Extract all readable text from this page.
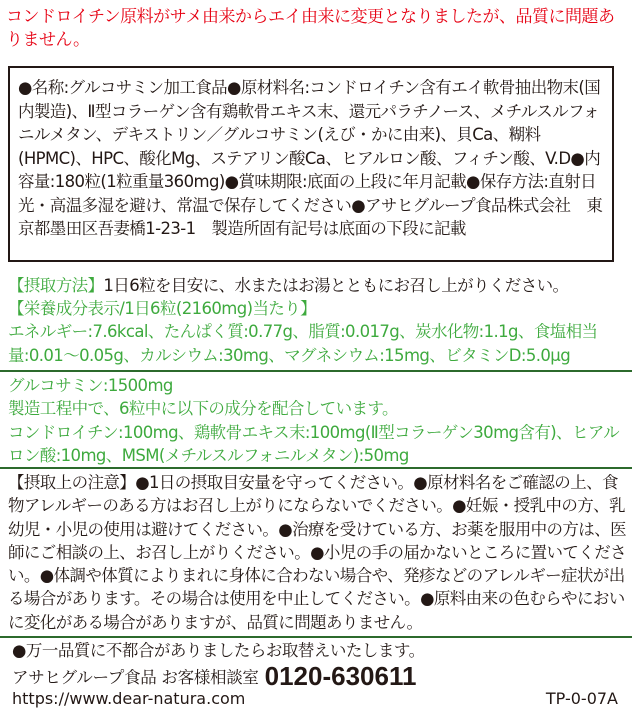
コンドロイチン原料がサメ由来からエイ由来に変更となりましたが、品質に問題ありません。

●名称:グルコサミン加工食品●原材料名:コンドロイチン含有エイ軟骨抽出物末(国内製造)、Ⅱ型コラーゲン含有鶏軟骨エキス末、還元パラチノース、メチルスルフォニルメタン、デキストリン／グルコサミン(えび・かに由来)、貝Ca、糊料(HPMC)、HPC、酸化Mg、ステアリン酸Ca、ヒアルロン酸、フィチン酸、V.D●内容量:180粒(1粒重量360mg)●賞味期限:底面の上段に年月記載●保存方法:直射日光・高温多湿を避け、常温で保存してください●アサヒグループ食品株式会社　東京都墨田区吾妻橋1-23-1　製造所固有記号は底面の下段に記載

【摂取方法】1日6粒を目安に、水またはお湯とともにお召し上がりください。

【栄養成分表示/1日6粒(2160mg)当たり】

エネルギー:7.6kcal、たんぱく質:0.77g、脂質:0.017g、炭水化物:1.1g、食塩相当量:0.01～0.05g、カルシウム:30mg、マグネシウム:15mg、ビタミンD:5.0μg

グルコサミン:1500mg

製造工程中で、6粒中に以下の成分を配合しています。

コンドロイチン:100mg、鶏軟骨エキス末:100mg(Ⅱ型コラーゲン30mg含有)、ヒアルロン酸:10mg、MSM(メチルスルフォニルメタン):50mg

【摂取上の注意】●1日の摂取目安量を守ってください。●原材料名をご確認の上、食物アレルギーのある方はお召し上がりにならないでください。●妊娠・授乳中の方、乳幼児・小児の使用は避けてください。●治療を受けている方、お薬を服用中の方は、医師にご相談の上、お召し上がりください。●小児の手の届かないところに置いてください。●体調や体質によりまれに身体に合わない場合や、発疹などのアレルギー症状が出る場合があります。その場合は使用を中止してください。●原料由来の色むらやにおいに変化がある場合がありますが、品質に問題ありません。

●万一品質に不都合がありましたらお取替えいたします。
アサヒグループ食品 お客様相談室 0120-630611
https://www.dear-natura.com	TP-0-07A
